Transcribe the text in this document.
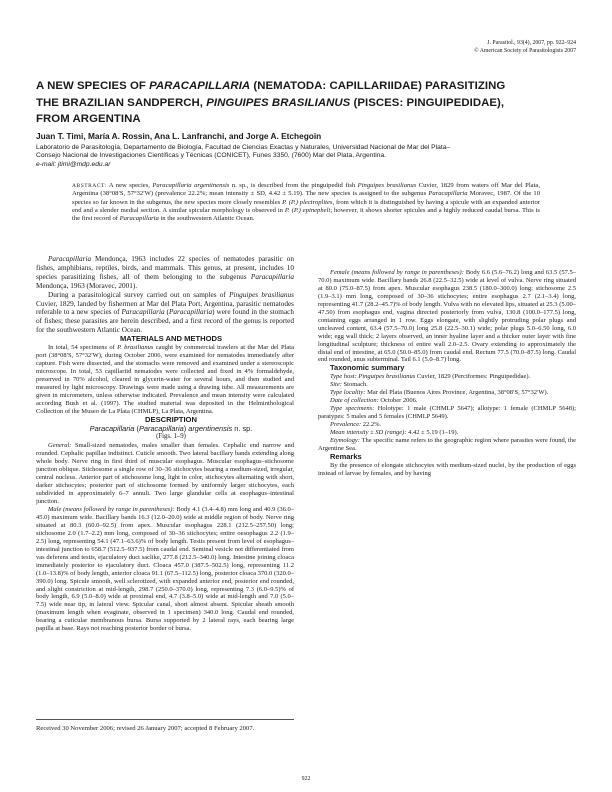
J. Parasitol., 93(4), 2007, pp. 922–924
© American Society of Parasitologists 2007
A NEW SPECIES OF PARACAPILLARIA (NEMATODA: CAPILLARIIDAE) PARASITIZING
THE BRAZILIAN SANDPERCH, PINGUIPES BRASILIANUS (PISCES: PINGUIPEDIDAE),
FROM ARGENTINA
Juan T. Timi, María A. Rossin, Ana L. Lanfranchi, and Jorge A. Etchegoin
Laboratorio de Parasitología, Departamento de Biología, Facultad de Ciencias Exactas y Naturales, Universidad Nacional de Mar del Plata–
Consejo Nacional de Investigaciones Científicas y Técnicas (CONICET), Funes 3350, (7600) Mar del Plata, Argentina.
e-mail: jtimi@mdp.edu.ar
ABSTRACT: A new species, Paracapillaria argentinensis n. sp., is described from the pinguipedid fish Pinguipes brasilianus Cuvier, 1829 from waters off Mar del Plata, Argentina (38°08′S, 57°32′W) (prevalence 22.2%; mean intensity ± SD, 4.42 ± 5.19). The new species is assigned to the subgenus Paracapillaria Moravec, 1987. Of the 10 species so far known in the subgenus, the new species more closely resembles P. (P.) plectroplites, from which it is distinguished by having a spicule with an expanded anterior end and a slender medial section. A similar spicular morphology is observed in P. (P.) epinepheli; however, it shows shorter spicules and a highly reduced caudal bursa. This is the first record of Paracapillaria in the southwestern Atlantic Ocean.

Paracapillaria Mendonça, 1963 includes 22 species of nematodes parasitic on fishes, amphibians, reptiles, birds, and mammals. This genus, at present, includes 10 species parasitizing fishes, all of them belonging to the subgenus Paracapillaria Mendonça, 1963 (Moravec, 2001).

During a parasitological survey carried out on samples of Pinguipes brasilianus Cuvier, 1829, landed by fishermen at Mar del Plata Port, Argentina, parasitic nematodes referable to a new species of Paracapillaria (Paracapillaria) were found in the stomach of fishes; these parasites are herein described, and a first record of the genus is reported for the southwestern Atlantic Ocean.

MATERIALS AND METHODS

In total, 54 specimens of P. brasilianus caught by commercial trawlers at the Mar del Plata port (38°08′S, 57°32′W), during October 2006, were examined for nematodes immediately after capture. Fish were dissected, and the stomachs were removed and examined under a stereoscopic microscope. In total, 53 capillariid nematodes were collected and fixed in 4% formaldehyde, preserved in 70% alcohol, cleared in glycerin-water for several hours, and then studied and measured by light microscopy. Drawings were made using a drawing tube. All measurements are given in micrometers, unless otherwise indicated. Prevalence and mean intensity were calculated according Bush et al. (1997). The studied material was deposited in the Helminthological Collection of the Museo de La Plata (CHMLP), La Plata, Argentina.

DESCRIPTION

Paracapillaria (Paracapillaria) argentinensis n. sp.

(Figs. 1–9)

General: Small-sized nematodes, males smaller than females. Cephalic end narrow and rounded. Cephalic papillae indistinct. Cuticle smooth. Two lateral bacillary bands extending along whole body. Nerve ring in first third of muscular esophagus. Muscular esophagus–stichosome junction oblique. Stichosome a single row of 30–36 stichocytes bearing a medium-sized, irregular, central nucleus. Anterior part of stichosome long, light in color, stichocytes alternating with short, darker stichocytes; posterior part of stichosome formed by uniformly larger stichocytes, each subdivided in approximately 6–7 annuli. Two large glandular cells at esophagus–intestinal junction.

Male (means followed by range in parentheses): Body 4.1 (3.4–4.8) mm long and 40.9 (36.0–45.0) maximum wide. Bacillary bands 16.3 (12.0–20.0) wide at middle region of body. Nerve ring situated at 80.3 (60.0–92.5) from apex. Muscular esophagus 228.1 (212.5–257.50) long; stichosome 2.0 (1.7–2.2) mm long, composed of 30–36 stichocytes; entire oesophagus 2.2 (1.9–2.5) long, representing 54.1 (47.1–63.6)% of body length. Testis present from level of esophagus–intestinal junction to 658.7 (512.5–937.5) from caudal end. Seminal vesicle not differentiated from vas deferens and testis, ejaculatory duct saclike, 277.8 (212.5–340.0) long. Intestine joining cloaca immediately posterior to ejaculatory duct. Cloaca 457.0 (387.5–502.5) long, representing 11.2 (1.0–13.8)% of body length, anterior cloaca 91.1 (67.5–112.5) long, posterior cloaca 370.0 (320.0–390.0) long. Spicule smooth, well sclerotized, with expanded anterior end, posterior end rounded, and slight constriction at mid-length, 298.7 (250.0–370.0) long, representing 7.3 (6.0–9.5)% of body length, 6.9 (5.0–8.0) wide at proximal end, 4.7 (3.8–5.0) wide at mid-length and 7.0 (5.0–7.5) wide near tip, in lateral view. Spicular canal, short almost absent. Spicular sheath smooth (maximum length when evaginate, observed in 1 specimen) 340.0 long. Caudal end rounded, bearing a cuticular membranous bursa. Bursa supported by 2 lateral rays, each bearing large papilla at base. Rays not reaching posterior border of bursa.

Received 30 November 2006; revised 26 January 2007; accepted 8 February 2007.

Female (means followed by range in parentheses): Body 6.6 (5.6–76.2) long and 63.5 (57.5–70.0) maximum wide. Bacillary bands 26.8 (22.5–32.5) wide at level of vulva. Nerve ring situated at 80.0 (75.0–87.5) from apex. Muscular esophagus 238.5 (180.0–300.0) long; stichosome 2.5 (1.9–3.1) mm long, composed of 30–36 stichocytes; entire esophagus 2.7 (2.1–3.4) long, representing 41.7 (28.2–45.7)% of body length. Vulva with no elevated lips, situated at 25.3 (5.00–47.50) from esophagus end, vagina directed posteriorly from vulva, 130.8 (100.0–177.5) long, containing eggs arranged in 1 row. Eggs elongate, with slightly protruding polar plugs and uncleaved content, 63.4 (57.5–70.0) long 25.8 (22.5–30.1) wide; polar plugs 5.0–6.50 long, 6.0 wide; egg wall thick; 2 layers observed, an inner hyaline layer and a thicker outer layer with fine longitudinal sculpture; thickness of entire wall 2.0–2.5. Ovary extending to approximately the distal end of intestine, at 65.0 (50.0–85.0) from caudal end. Rectum 77.5 (70.0–87.5) long. Caudal end rounded, anus subterminal. Tail 6.1 (5.0–8.7) long.

Taxonomic summary

Type host: Pinguipes brasilianus Cuvier, 1829 (Perciformes: Pinguipedidae).

Site: Stomach.

Type locality: Mar del Plata (Buenos Aires Province, Argentina, 38°08′S, 57°32′W).

Date of collection: October 2006.

Type specimens: Holotype: 1 male (CHMLP 5647); allotype: 1 female (CHMLP 5648); paratypes: 5 males and 5 females (CHMLP 5649).

Prevalence: 22.2%.

Mean intensity ± SD (range): 4.42 ± 5.19 (1–19).

Etymology: The specific name refers to the geographic region where parasites were found, the Argentine Sea.

Remarks

By the presence of elongate stichocytes with medium-sized nuclei, by the production of eggs instead of larvae by females, and by having

922
